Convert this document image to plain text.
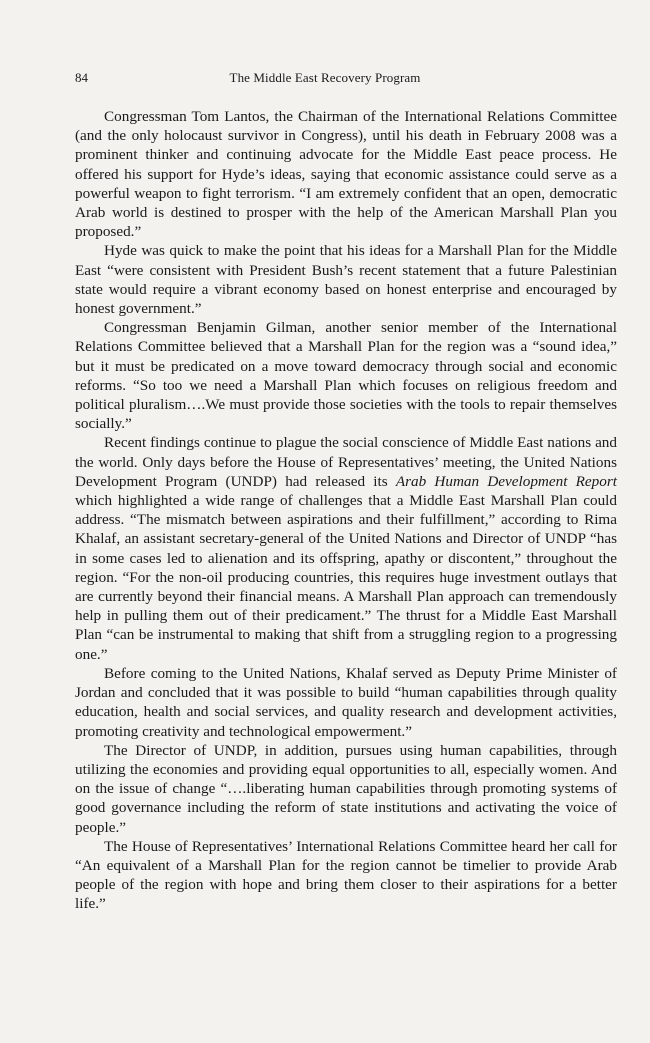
84	The Middle East Recovery Program

Congressman Tom Lantos, the Chairman of the International Relations Committee (and the only holocaust survivor in Congress), until his death in February 2008 was a prominent thinker and continuing advocate for the Middle East peace process. He offered his support for Hyde’s ideas, saying that economic assistance could serve as a powerful weapon to fight terrorism. “I am extremely confident that an open, democratic Arab world is destined to prosper with the help of the American Marshall Plan you proposed.”

Hyde was quick to make the point that his ideas for a Marshall Plan for the Middle East “were consistent with President Bush’s recent statement that a future Palestinian state would require a vibrant economy based on honest enterprise and encouraged by honest government.”

Congressman Benjamin Gilman, another senior member of the International Relations Committee believed that a Marshall Plan for the region was a “sound idea,” but it must be predicated on a move toward democracy through social and economic reforms. “So too we need a Marshall Plan which focuses on religious freedom and political pluralism….We must provide those societies with the tools to repair themselves socially.”

Recent findings continue to plague the social conscience of Middle East nations and the world. Only days before the House of Representatives’ meeting, the United Nations Development Program (UNDP) had released its Arab Human Development Report which highlighted a wide range of challenges that a Middle East Marshall Plan could address. “The mismatch between aspirations and their fulfillment,” according to Rima Khalaf, an assistant secretary-general of the United Nations and Director of UNDP “has in some cases led to alienation and its offspring, apathy or discontent,” throughout the region. “For the non-oil producing countries, this requires huge investment outlays that are currently beyond their financial means. A Marshall Plan approach can tremendously help in pulling them out of their predicament.” The thrust for a Middle East Marshall Plan “can be instrumental to making that shift from a struggling region to a progressing one.”

Before coming to the United Nations, Khalaf served as Deputy Prime Minister of Jordan and concluded that it was possible to build “human capabilities through quality education, health and social services, and quality research and development activities, promoting creativity and technological empowerment.”

The Director of UNDP, in addition, pursues using human capabilities, through utilizing the economies and providing equal opportunities to all, especially women. And on the issue of change “….liberating human capabilities through promoting systems of good governance including the reform of state institutions and activating the voice of people.”

The House of Representatives’ International Relations Committee heard her call for “An equivalent of a Marshall Plan for the region cannot be timelier to provide Arab people of the region with hope and bring them closer to their aspirations for a better life.”
